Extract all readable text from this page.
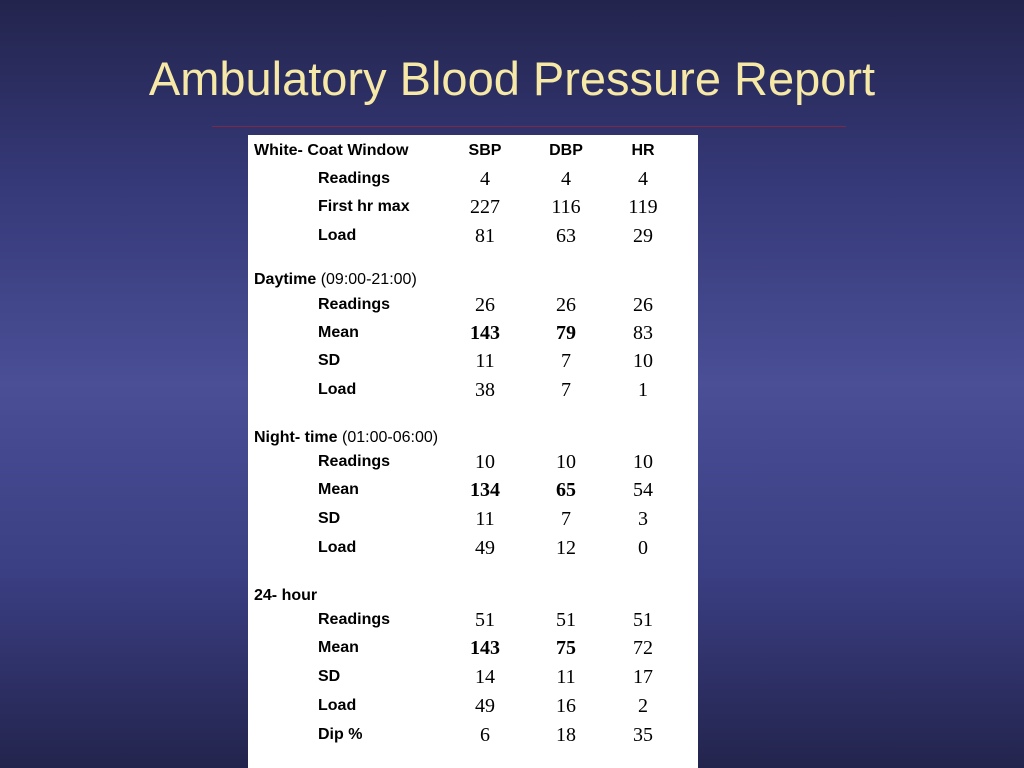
Ambulatory Blood Pressure Report
White- Coat Window	SBP	DBP	HR
Readings	4	4	4
First hr max	227	116	119
Load	81	63	29
Daytime (09:00-21:00)
Readings	26	26	26
Mean	143	79	83
SD	11	7	10
Load	38	7	1
Night- time (01:00-06:00)
Readings	10	10	10
Mean	134	65	54
SD	11	7	3
Load	49	12	0
24- hour
Readings	51	51	51
Mean	143	75	72
SD	14	11	17
Load	49	16	2
Dip %	6	18	35
